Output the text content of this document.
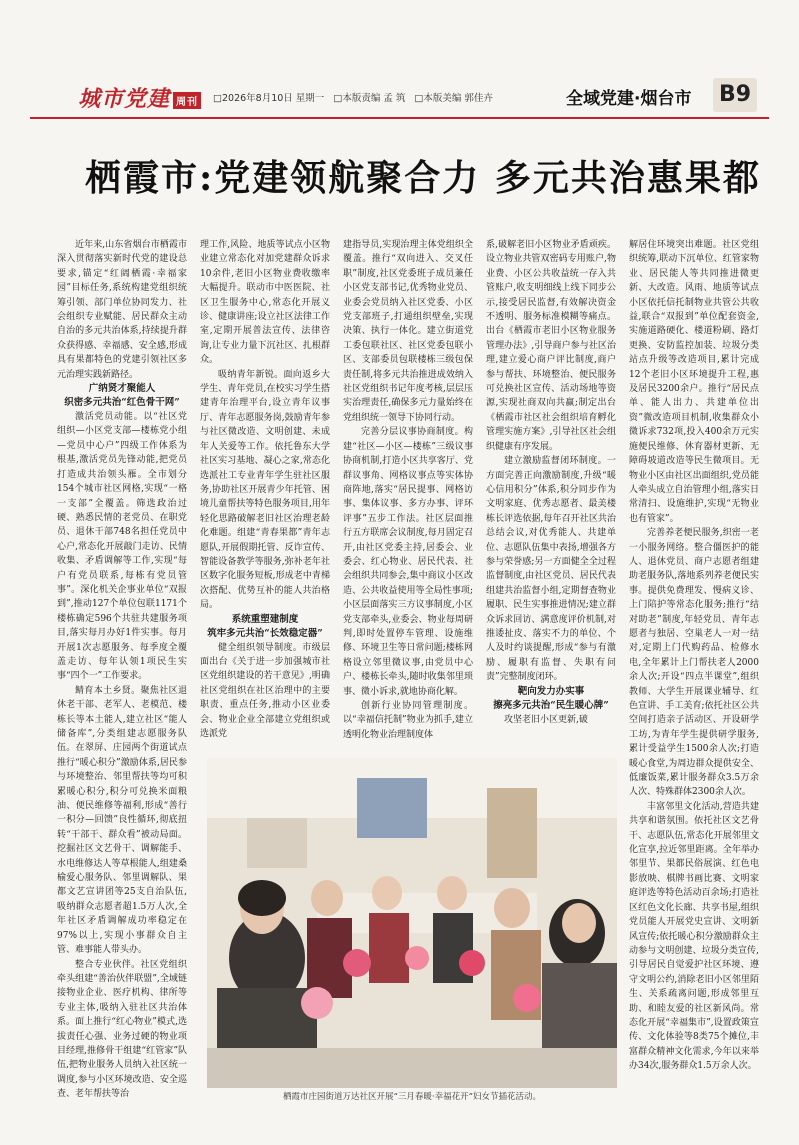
城市党建 周刊	□2026年8月10日 星期一 □本版责编 孟 筑 □本版美编 郭佳卉	全域党建·烟台市 B9
栖霞市:党建领航聚合力 多元共治惠果都

近年来,山东省烟台市栖霞市深入贯彻落实新时代党的建设总要求,锚定“红阔栖霞·幸福家园”目标任务,系统构建党组织统筹引领、部门单位协同发力、社会组织专业赋能、居民群众主动自治的多元共治体系,持续提升群众获得感、幸福感、安全感,形成具有果都特色的党建引领社区多元治理实践新路径。

广纳贤才聚能人
织密多元共治“红色骨干网”

激活党员动能。以“社区党组织—小区党支部—楼栋党小组—党员中心户”四级工作体系为根基,激活党员先锋动能,把党员打造成共治领头雁。全市划分154个城市社区网格,实现“一格一支部”全覆盖。筛选政治过硬、熟悉民情的老党员、在职党员、退休干部748名担任党员中心户,常态化开展敲门走访、民情收集、矛盾调解等工作,实现“每户有党员联系,每栋有党员管事”。深化机关企事业单位“双报到”,推动127个单位包联1171个楼栋确定596个共驻共建服务项目,落实每月办好1件实事。每月开展1次志愿服务、每季度全覆盖走访、每年认领1项民生实事“四个一”工作要求。

鲭育本土乡贤。聚焦社区退休老干部、老军人、老模范、楼栋长等本土能人,建立社区“能人储备库”,分类组建志愿服务队伍。在翠屏、庄园两个街道试点推行“暖心积分”激励体系,居民参与环境整治、邻里帮扶等均可积累暖心积分,积分可兑换米面粮油、便民维修等福利,形成“善行一积分—回馈”良性循环,彻底扭转“干部干、群众看”被动局面。挖掘社区文艺骨干、调解能手、水电维修达人等草根能人,组建桑榆爱心服务队、邻里调解队、果都文艺宣讲团等25支自治队伍,吸纳群众志愿者超1.5万人次,全年社区矛盾调解成功率稳定在97%以上,实现小事群众自主管、难事能人带头办。

整合专业伙伴。社区党组织牵头组建“善治伙伴联盟”,全域链接物业企业、医疗机构、律所等专业主体,吸纳入驻社区共治体系。面上推行“红心物业”模式,选拔责任心强、业务过硬的物业项目经理,推修骨干组建“红管家”队伍,把物业服务人员纳入社区统一调度,参与小区环境改造、安全巡查、老年帮扶等治

理工作,风险、地质等试点小区物业建立常态化对加党建群众诉求10余件,老旧小区物业费收缴率大幅提升。联动市中医医院、社区卫生服务中心,常态化开展义诊、健康讲座;设立社区法律工作室,定期开展普法宣传、法律咨询,让专业力量下沉社区、扎根群众。

吸纳青年新锐。面向返乡大学生、青年党员,在校实习学生搭建青年治理平台,设立青年议事厅、青年志愿服务岗,鼓励青年参与社区微改造、文明创建、未成年人关爱等工作。依托鲁东大学社区实习基地、凝心之家,常态化选派社工专业青年学生驻社区服务,协助社区开展青少年托管、困境儿童帮扶等特色服务项目,用年轻化思路破解老旧社区治理老龄化难题。组建“青春果都”青年志愿队,开展假期托管、反诈宣传、智能设备教学等服务,弥补老年社区数字化服务短板,形成老中青梯次搭配、优势互补的能人共治格局。

系统重塑建制度
筑牢多元共治“长效稳定器”

健全组织领导制度。市级层面出台《关于进一步加强城市社区党组织建设的若干意见》,明确社区党组织在社区治理中的主要职责、重点任务,推动小区业委会、物业企业全部建立党组织或选派党

建指导员,实现治理主体党组织全覆盖。推行“双向进入、交叉任职”制度,社区党委班子成员兼任小区党支部书记,优秀物业党员、业委会党员纳入社区党委、小区党支部班子,打通组织壁垒,实现决策、执行一体化。建立街道党工委包联社区、社区党委包联小区、支部委员包联楼栋三级包保责任制,将多元共治推进成效纳入社区党组织书记年度考核,层层压实治理责任,确保多元力量始终在党组织统一领导下协同行动。

完善分层议事协商制度。构建“社区—小区—楼栋”三级议事协商机制,打造小区共享客厅、党群议事角、网格议事点等实体协商阵地,落实“居民提事、网格访事、集体议事、多方办事、评环评事”五步工作法。社区层面推行五方联席会议制度,每月固定召开,由社区党委主持,居委会、业委会、红心物业、居民代表、社会组织共同参会,集中商议小区改造、公共收益使用等全局性事项;小区层面落实三方议事制度,小区党支部牵头,业委会、物业每周研判,即时处置停车管理、设施维修、环境卫生等日常问题;楼栋网格设立邻里微议事,由党员中心户、楼栋长牵头,随时收集邻里琐事、微小诉求,就地协商化解。

创新行业协同管理制度。以“幸福信托制”物业为抓手,建立透明化物业治理制度体

系,破解老旧小区物业矛盾顽疾。设立物业共管双密码专用账户,物业费、小区公共收益统一存入共管账户,收支明细线上线下同步公示,接受居民监督,有效解决资金不透明、服务标准模糊等痛点。出台《栖霞市老旧小区物业服务管理办法》,引导商户参与社区治理,建立爱心商户评比制度,商户参与帮扶、环境整治、便民服务可兑换社区宣传、活动场地等资源,实现社商双向共赢;制定出台《栖霞市社区社会组织培育孵化管理实施方案》,引导社区社会组织健康有序发展。

建立激励监督闭环制度。一方面完善正向激励制度,升级“暖心信用积分”体系,积分同步作为文明家庭、优秀志愿者、最美楼栋长评选依据,每年召开社区共治总结会议,对优秀能人、共建单位、志愿队伍集中表扬,增强各方参与荣誉感;另一方面健全全过程监督制度,由社区党员、居民代表组建共治监督小组,定期督查物业履职、民生实事推进情况;建立群众诉求回访、满意度评价机制,对推诿扯皮、落实不力的单位、个人及时约谈提醒,形成“参与有激励、履职有监督、失职有问责”完整制度闭环。

靶向发力办实事
擦亮多元共治“民生暖心牌”

攻坚老旧小区更新,破

解居住环境突出难题。社区党组织统筹,联动下沉单位、红管家物业、居民能人等共同推进微更新、大改造。风雨、地质等试点小区依托信托制物业共管公共收益,联合“双报到”单位配套资金,实施道路硬化、楼道粉刷、路灯更换、安防监控加装、垃圾分类站点升级等改造项目,累计完成12个老旧小区环境提升工程,惠及居民3200余户。推行“居民点单、能人出力、共建单位出资”微改造项目机制,收集群众小微诉求732项,投入400余万元实施便民维修、休育器材更新、无障碍坡道改造等民生微项目。无物业小区由社区出面组织,党员能人牵头成立自治管理小组,落实日常清扫、设施维护,实现“无物业也有管家”。

完善养老便民服务,织密一老一小服务网络。整合僵医护的能人、退休党员、商户志愿者组建助老服务队,落地系列养老便民实事。提供免费理发、慢病义诊、上门陪护等常态化服务;推行“结对助老”制度,年轻党员、青年志愿者与独居、空巢老人一对一结对,定期上门代购药品、检修水电,全年累计上门帮扶老人2000余人次;开设“四点半课堂”,组织教师、大学生开展课业辅导、红色宣讲、手工美育;依托社区公共空间打造亲子活动区、开设研学工坊,为青年学生提供研学服务,累计受益学生1500余人次;打造暖心食堂,为周边群众提供安全、低廉饭菜,累计服务群众3.5万余人次、特殊群体2300余人次。

丰富邻里文化活动,营造共建共享和谐氛围。依托社区文艺骨干、志愿队伍,常态化开展邻里文化宣享,拉近邻里距离。全年举办邻里节、果都民俗展演、红色电影放映、棋牌书画比赛、文明家庭评选等特色活动百余场;打造社区红色文化长廊、共享书屋,组织党员能人开展党史宣讲、文明新风宣传;依托暖心积分激励群众主动参与文明创建、垃圾分类宣传,引导居民自觉爱护社区环境、遵守文明公约,消除老旧小区邻里陌生、关系疏离问题,形成邻里互助、和睦友爱的社区新风尚。常态化开展“幸福集市”,设置政策宣传、文化体验等8类75个摊位,丰富群众精神文化需求,今年以来举办34次,服务群众1.5万余人次。

栖霞市庄园街道万达社区开展“三月春暖·幸福花开”妇女节插花活动。
